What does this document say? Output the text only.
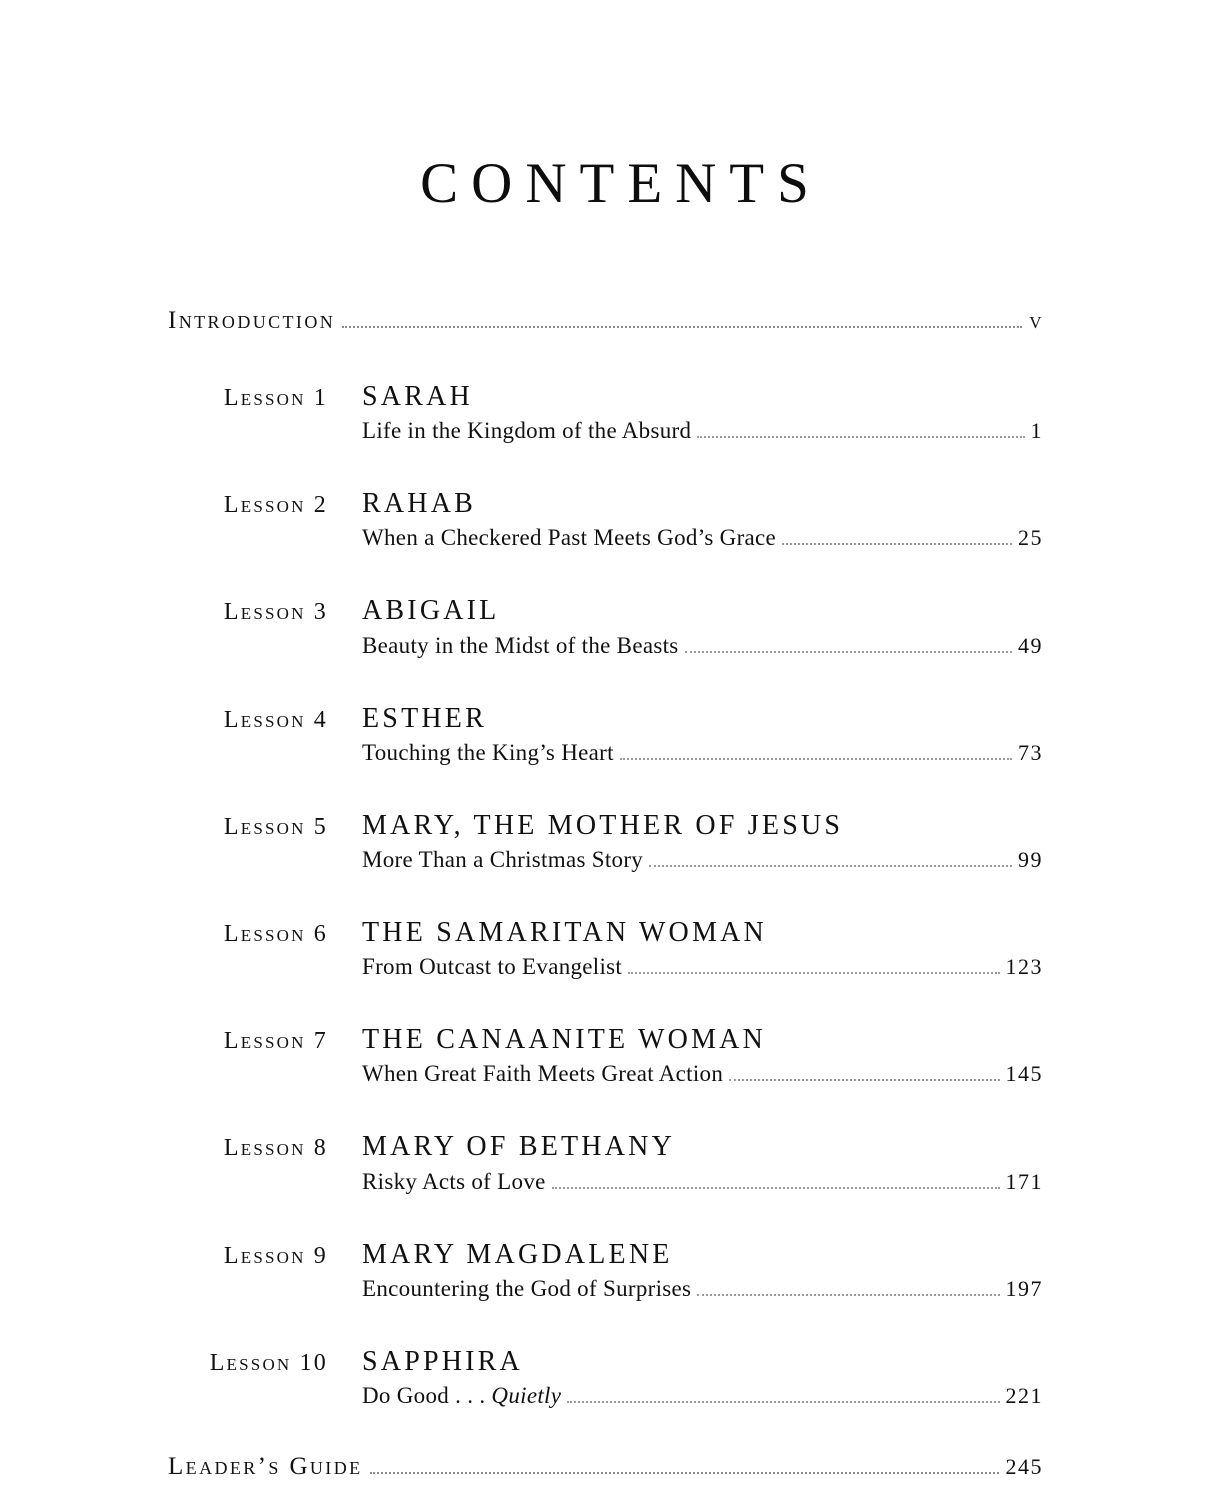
CONTENTS
Introduction	v
Lesson 1 SARAH
Life in the Kingdom of the Absurd	1
Lesson 2 RAHAB
When a Checkered Past Meets God’s Grace	25
Lesson 3 ABIGAIL
Beauty in the Midst of the Beasts	49
Lesson 4 ESTHER
Touching the King’s Heart	73
Lesson 5 MARY, THE MOTHER OF JESUS
More Than a Christmas Story	99
Lesson 6 THE SAMARITAN WOMAN
From Outcast to Evangelist	123
Lesson 7 THE CANAANITE WOMAN
When Great Faith Meets Great Action	145
Lesson 8 MARY OF BETHANY
Risky Acts of Love	171
Lesson 9 MARY MAGDALENE
Encountering the God of Surprises	197
Lesson 10 SAPPHIRA
Do Good . . . Quietly	221
Leader’s Guide	245
